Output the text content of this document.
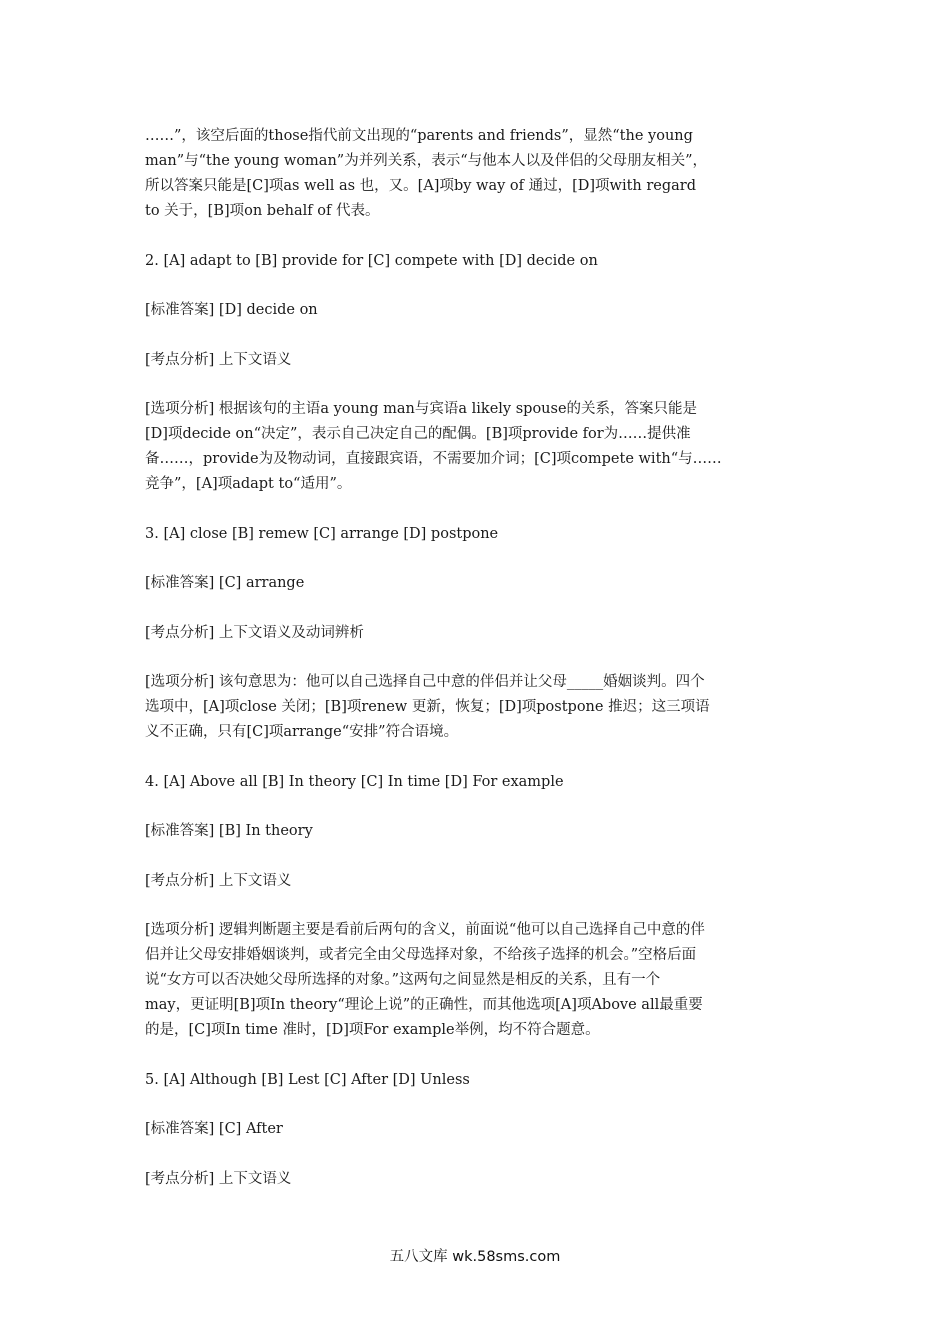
……”，该空后面的those指代前文出现的“parents and friends”，显然“the young
man”与“the young woman”为并列关系，表示“与他本人以及伴侣的父母朋友相关”，
所以答案只能是[C]项as well as 也，又。[A]项by way of 通过，[D]项with regard
to 关于，[B]项on behalf of 代表。
2. [A] adapt to [B] provide for [C] compete with [D] decide on
[标准答案] [D] decide on
[考点分析] 上下文语义
[选项分析] 根据该句的主语a young man与宾语a likely spouse的关系，答案只能是
[D]项decide on“决定”，表示自己决定自己的配偶。[B]项provide for为……提供准
备……，provide为及物动词，直接跟宾语，不需要加介词；[C]项compete with“与……
竞争”，[A]项adapt to“适用”。
3. [A] close [B] remew [C] arrange [D] postpone
[标准答案] [C] arrange
[考点分析] 上下文语义及动词辨析
[选项分析] 该句意思为：他可以自己选择自己中意的伴侣并让父母_____婚姻谈判。四个
选项中，[A]项close 关闭；[B]项renew 更新，恢复；[D]项postpone 推迟；这三项语
义不正确，只有[C]项arrange“安排”符合语境。
4. [A] Above all [B] In theory [C] In time [D] For example
[标准答案] [B] In theory
[考点分析] 上下文语义
[选项分析] 逻辑判断题主要是看前后两句的含义，前面说“他可以自己选择自己中意的伴
侣并让父母安排婚姻谈判，或者完全由父母选择对象，不给孩子选择的机会。”空格后面
说“女方可以否决她父母所选择的对象。”这两句之间显然是相反的关系，且有一个
may，更证明[B]项In theory“理论上说”的正确性，而其他选项[A]项Above all最重要
的是，[C]项In time 准时，[D]项For example举例，均不符合题意。
5. [A] Although [B] Lest [C] After [D] Unless
[标准答案] [C] After
[考点分析] 上下文语义
五八文库 wk.58sms.com
